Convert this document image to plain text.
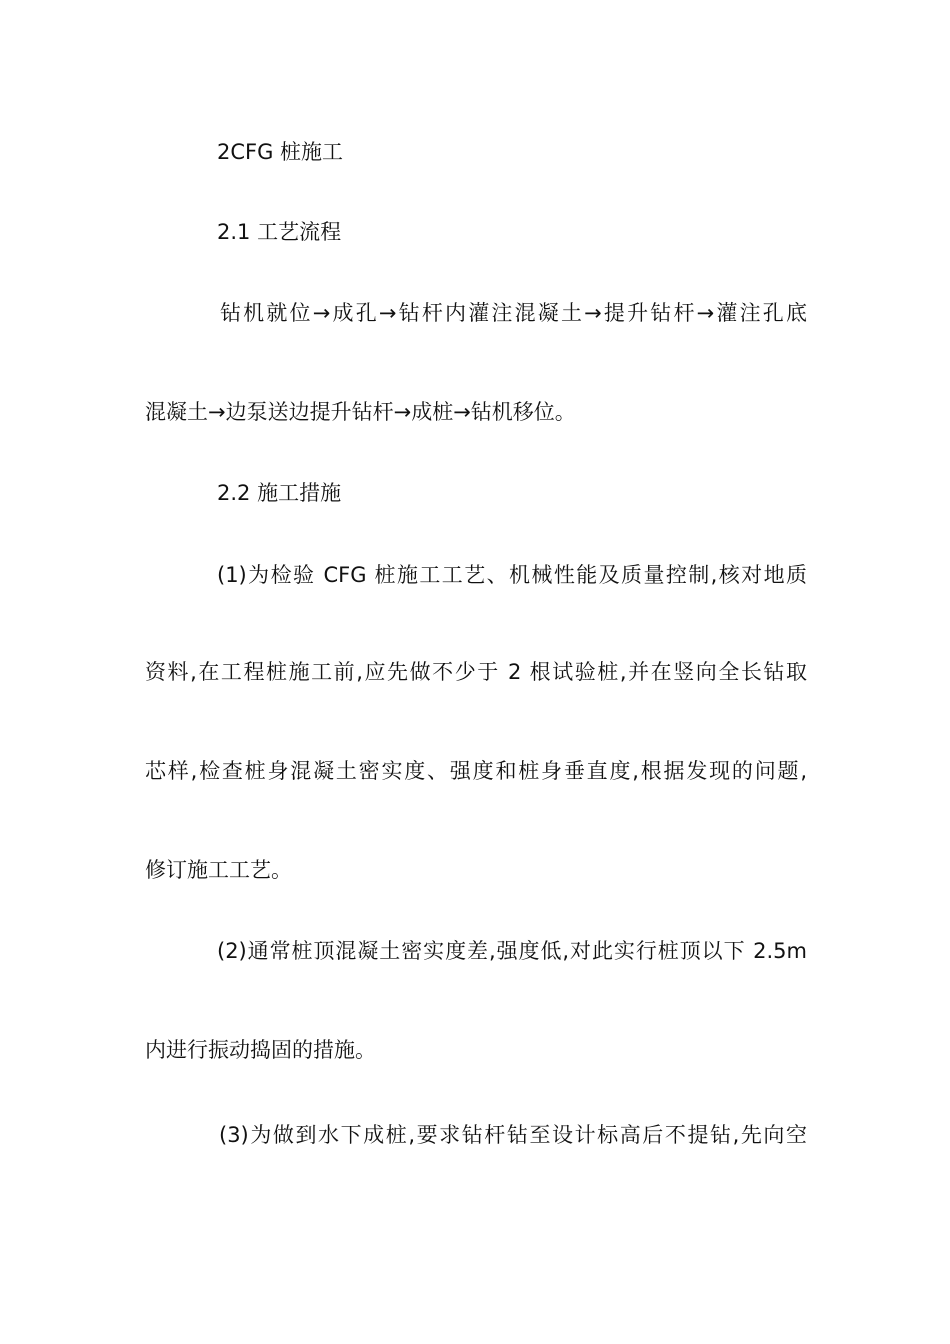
2CFG 桩施工
2.1 工艺流程
钻机就位→成孔→钻杆内灌注混凝土→提升钻杆→灌注孔底
混凝土→边泵送边提升钻杆→成桩→钻机移位。
2.2 施工措施
(1)为检验 CFG 桩施工工艺、机械性能及质量控制,核对地质
资料,在工程桩施工前,应先做不少于 2 根试验桩,并在竖向全长钻取
芯样,检查桩身混凝土密实度、强度和桩身垂直度,根据发现的问题,
修订施工工艺。
(2)通常桩顶混凝土密实度差,强度低,对此实行桩顶以下 2.5m
内进行振动捣固的措施。
(3)为做到水下成桩,要求钻杆钻至设计标高后不提钻,先向空
